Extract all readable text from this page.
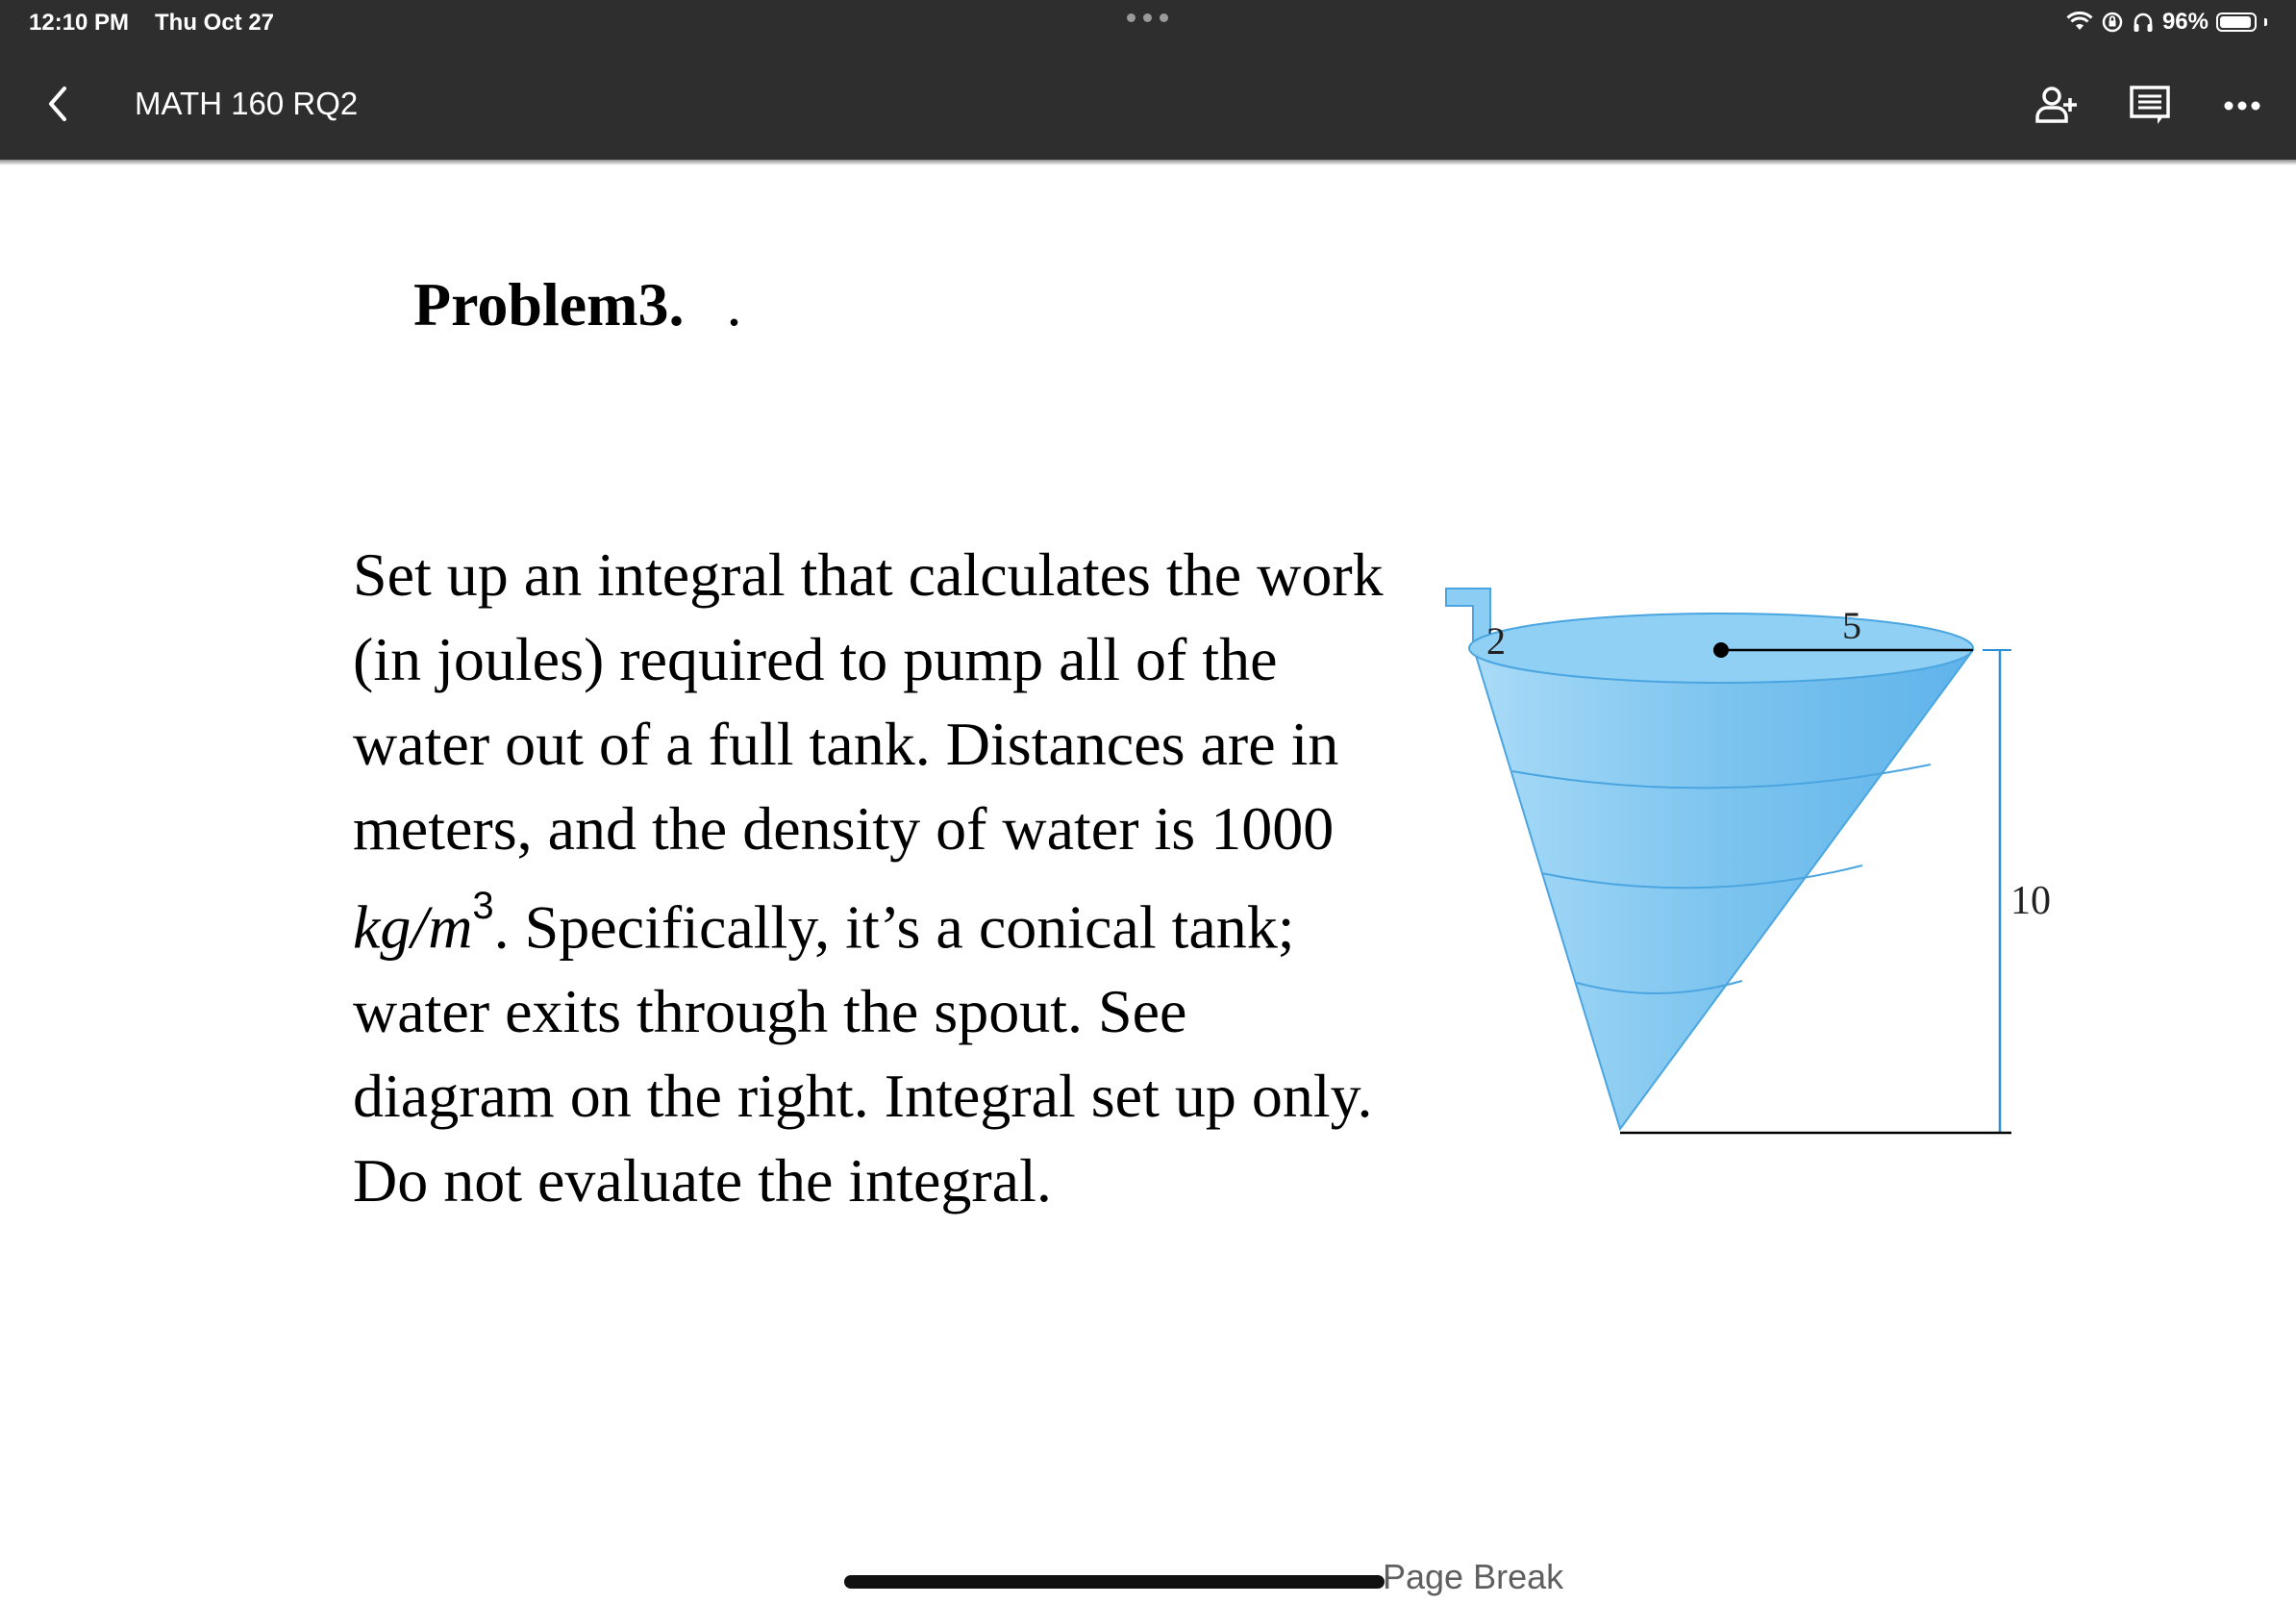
12:10 PM Thu Oct 27	96%
MATH 160 RQ2
Problem3. .
Set up an integral that calculates the work (in joules) required to pump all of the water out of a full tank. Distances are in meters, and the density of water is 1000 $kg/m^3$. Specifically, it’s a conical tank; water exits through the spout. See diagram on the right. Integral set up only. Do not evaluate the integral.
5
2
10
Page Break
